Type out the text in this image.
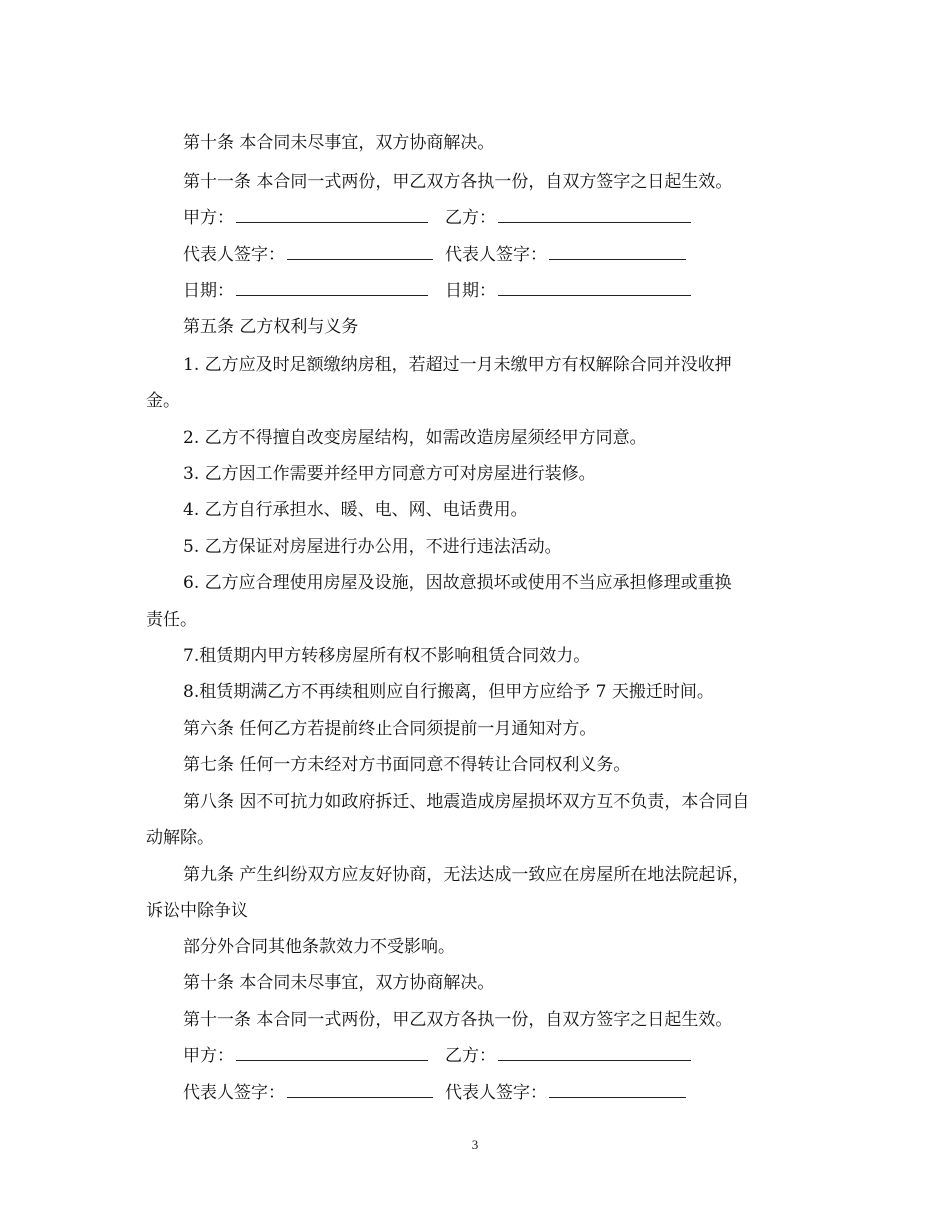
第十条 本合同未尽事宜，双方协商解决。
第十一条 本合同一式两份，甲乙双方各执一份，自双方签字之日起生效。
甲方：	乙方：
代表人签字：	代表人签字：
日期：	日期：
第五条 乙方权利与义务
1. 乙方应及时足额缴纳房租，若超过一月未缴甲方有权解除合同并没收押
金。
2. 乙方不得擅自改变房屋结构，如需改造房屋须经甲方同意。
3. 乙方因工作需要并经甲方同意方可对房屋进行装修。
4. 乙方自行承担水、暖、电、网、电话费用。
5. 乙方保证对房屋进行办公用，不进行违法活动。
6. 乙方应合理使用房屋及设施，因故意损坏或使用不当应承担修理或重换
责任。
7.租赁期内甲方转移房屋所有权不影响租赁合同效力。
8.租赁期满乙方不再续租则应自行搬离，但甲方应给予 7 天搬迁时间。
第六条 任何乙方若提前终止合同须提前一月通知对方。
第七条 任何一方未经对方书面同意不得转让合同权利义务。
第八条 因不可抗力如政府拆迁、地震造成房屋损坏双方互不负责，本合同自
动解除。
第九条 产生纠纷双方应友好协商，无法达成一致应在房屋所在地法院起诉，
诉讼中除争议
部分外合同其他条款效力不受影响。
第十条 本合同未尽事宜，双方协商解决。
第十一条 本合同一式两份，甲乙双方各执一份，自双方签字之日起生效。
甲方：	乙方：
代表人签字：	代表人签字：
3
